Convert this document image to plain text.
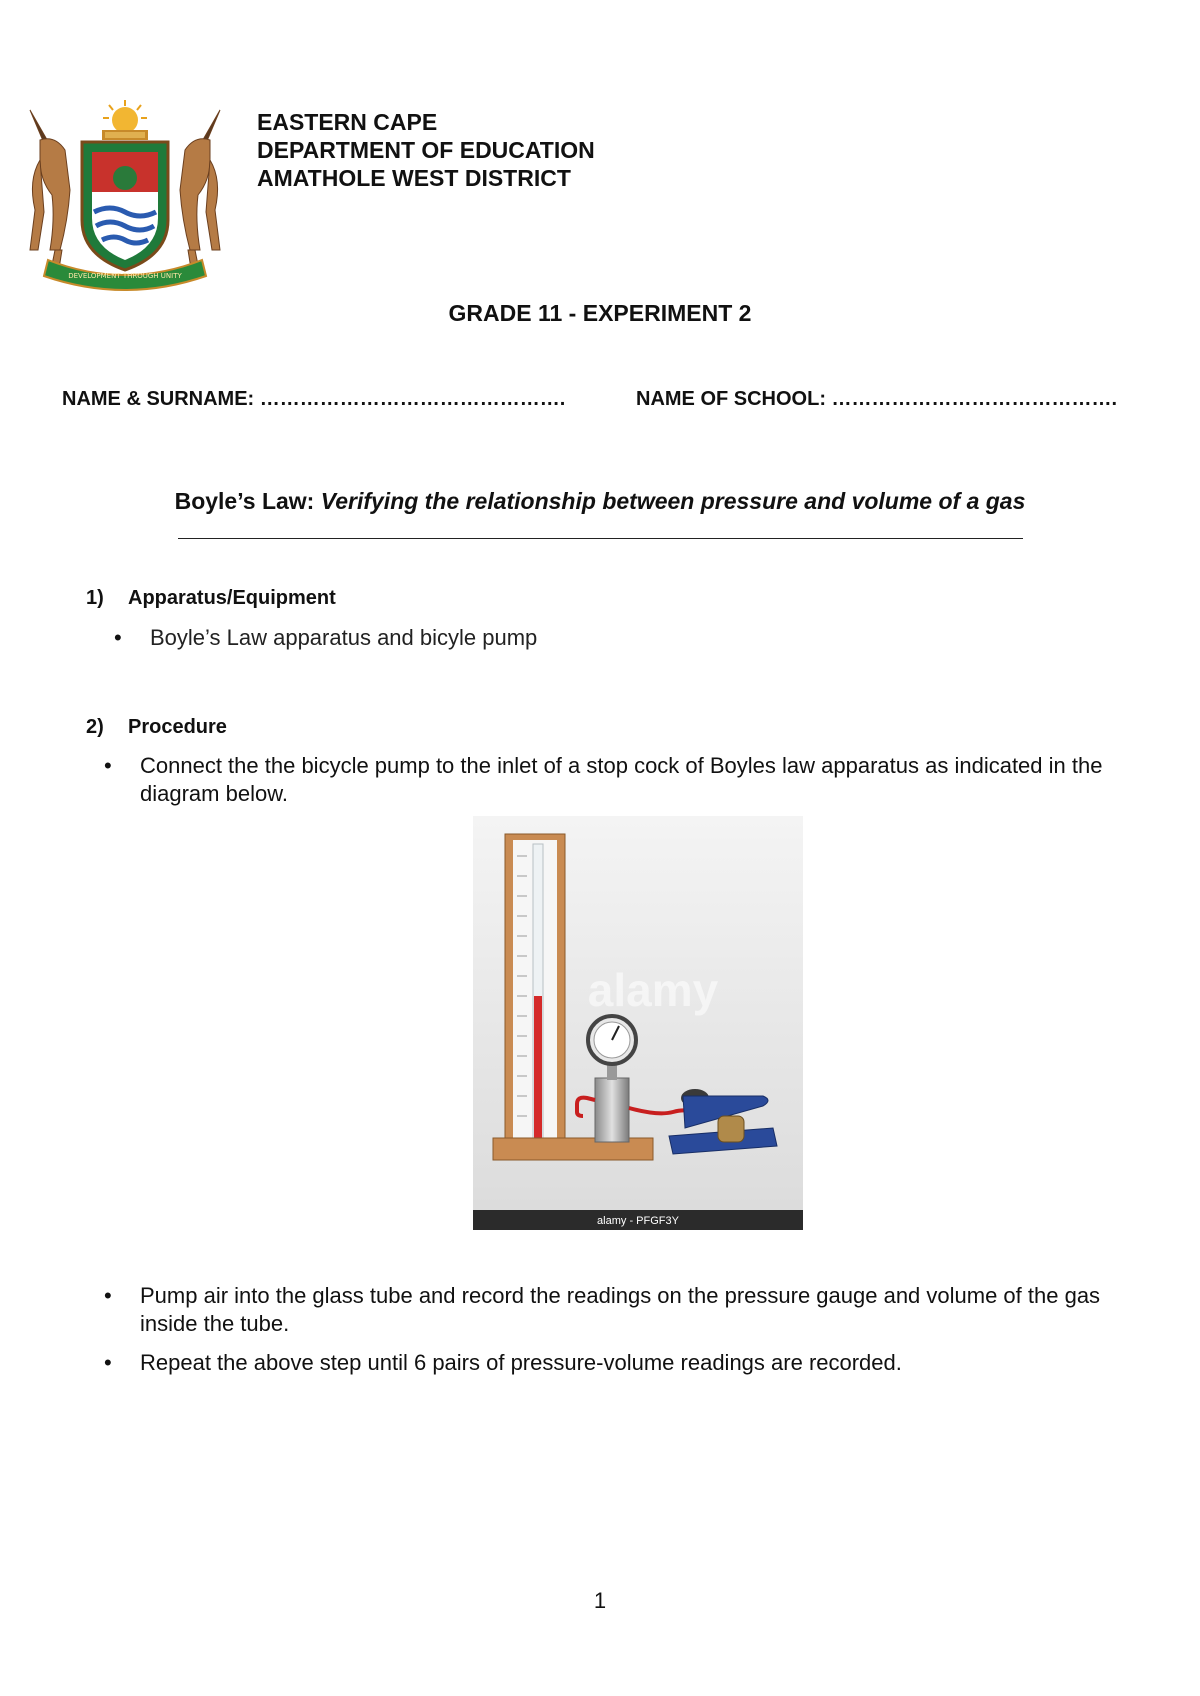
DEVELOPMENT THROUGH UNITY
EASTERN CAPE
DEPARTMENT OF EDUCATION
AMATHOLE WEST DISTRICT
GRADE 11 - EXPERIMENT 2
NAME & SURNAME: ……………………………………….	NAME OF SCHOOL: …………………………………….
Boyle’s Law: Verifying the relationship between pressure and volume of a gas
1) Apparatus/Equipment
• Boyle’s Law apparatus and bicyle pump
2) Procedure
• Connect the the bicycle pump to the inlet of a stop cock of Boyles law apparatus as indicated in the diagram below.
alamy
alamy - PFGF3Y
• Pump air into the glass tube and record the readings on the pressure gauge and volume of the gas inside the tube.
• Repeat the above step until 6 pairs of pressure-volume readings are recorded.
1
